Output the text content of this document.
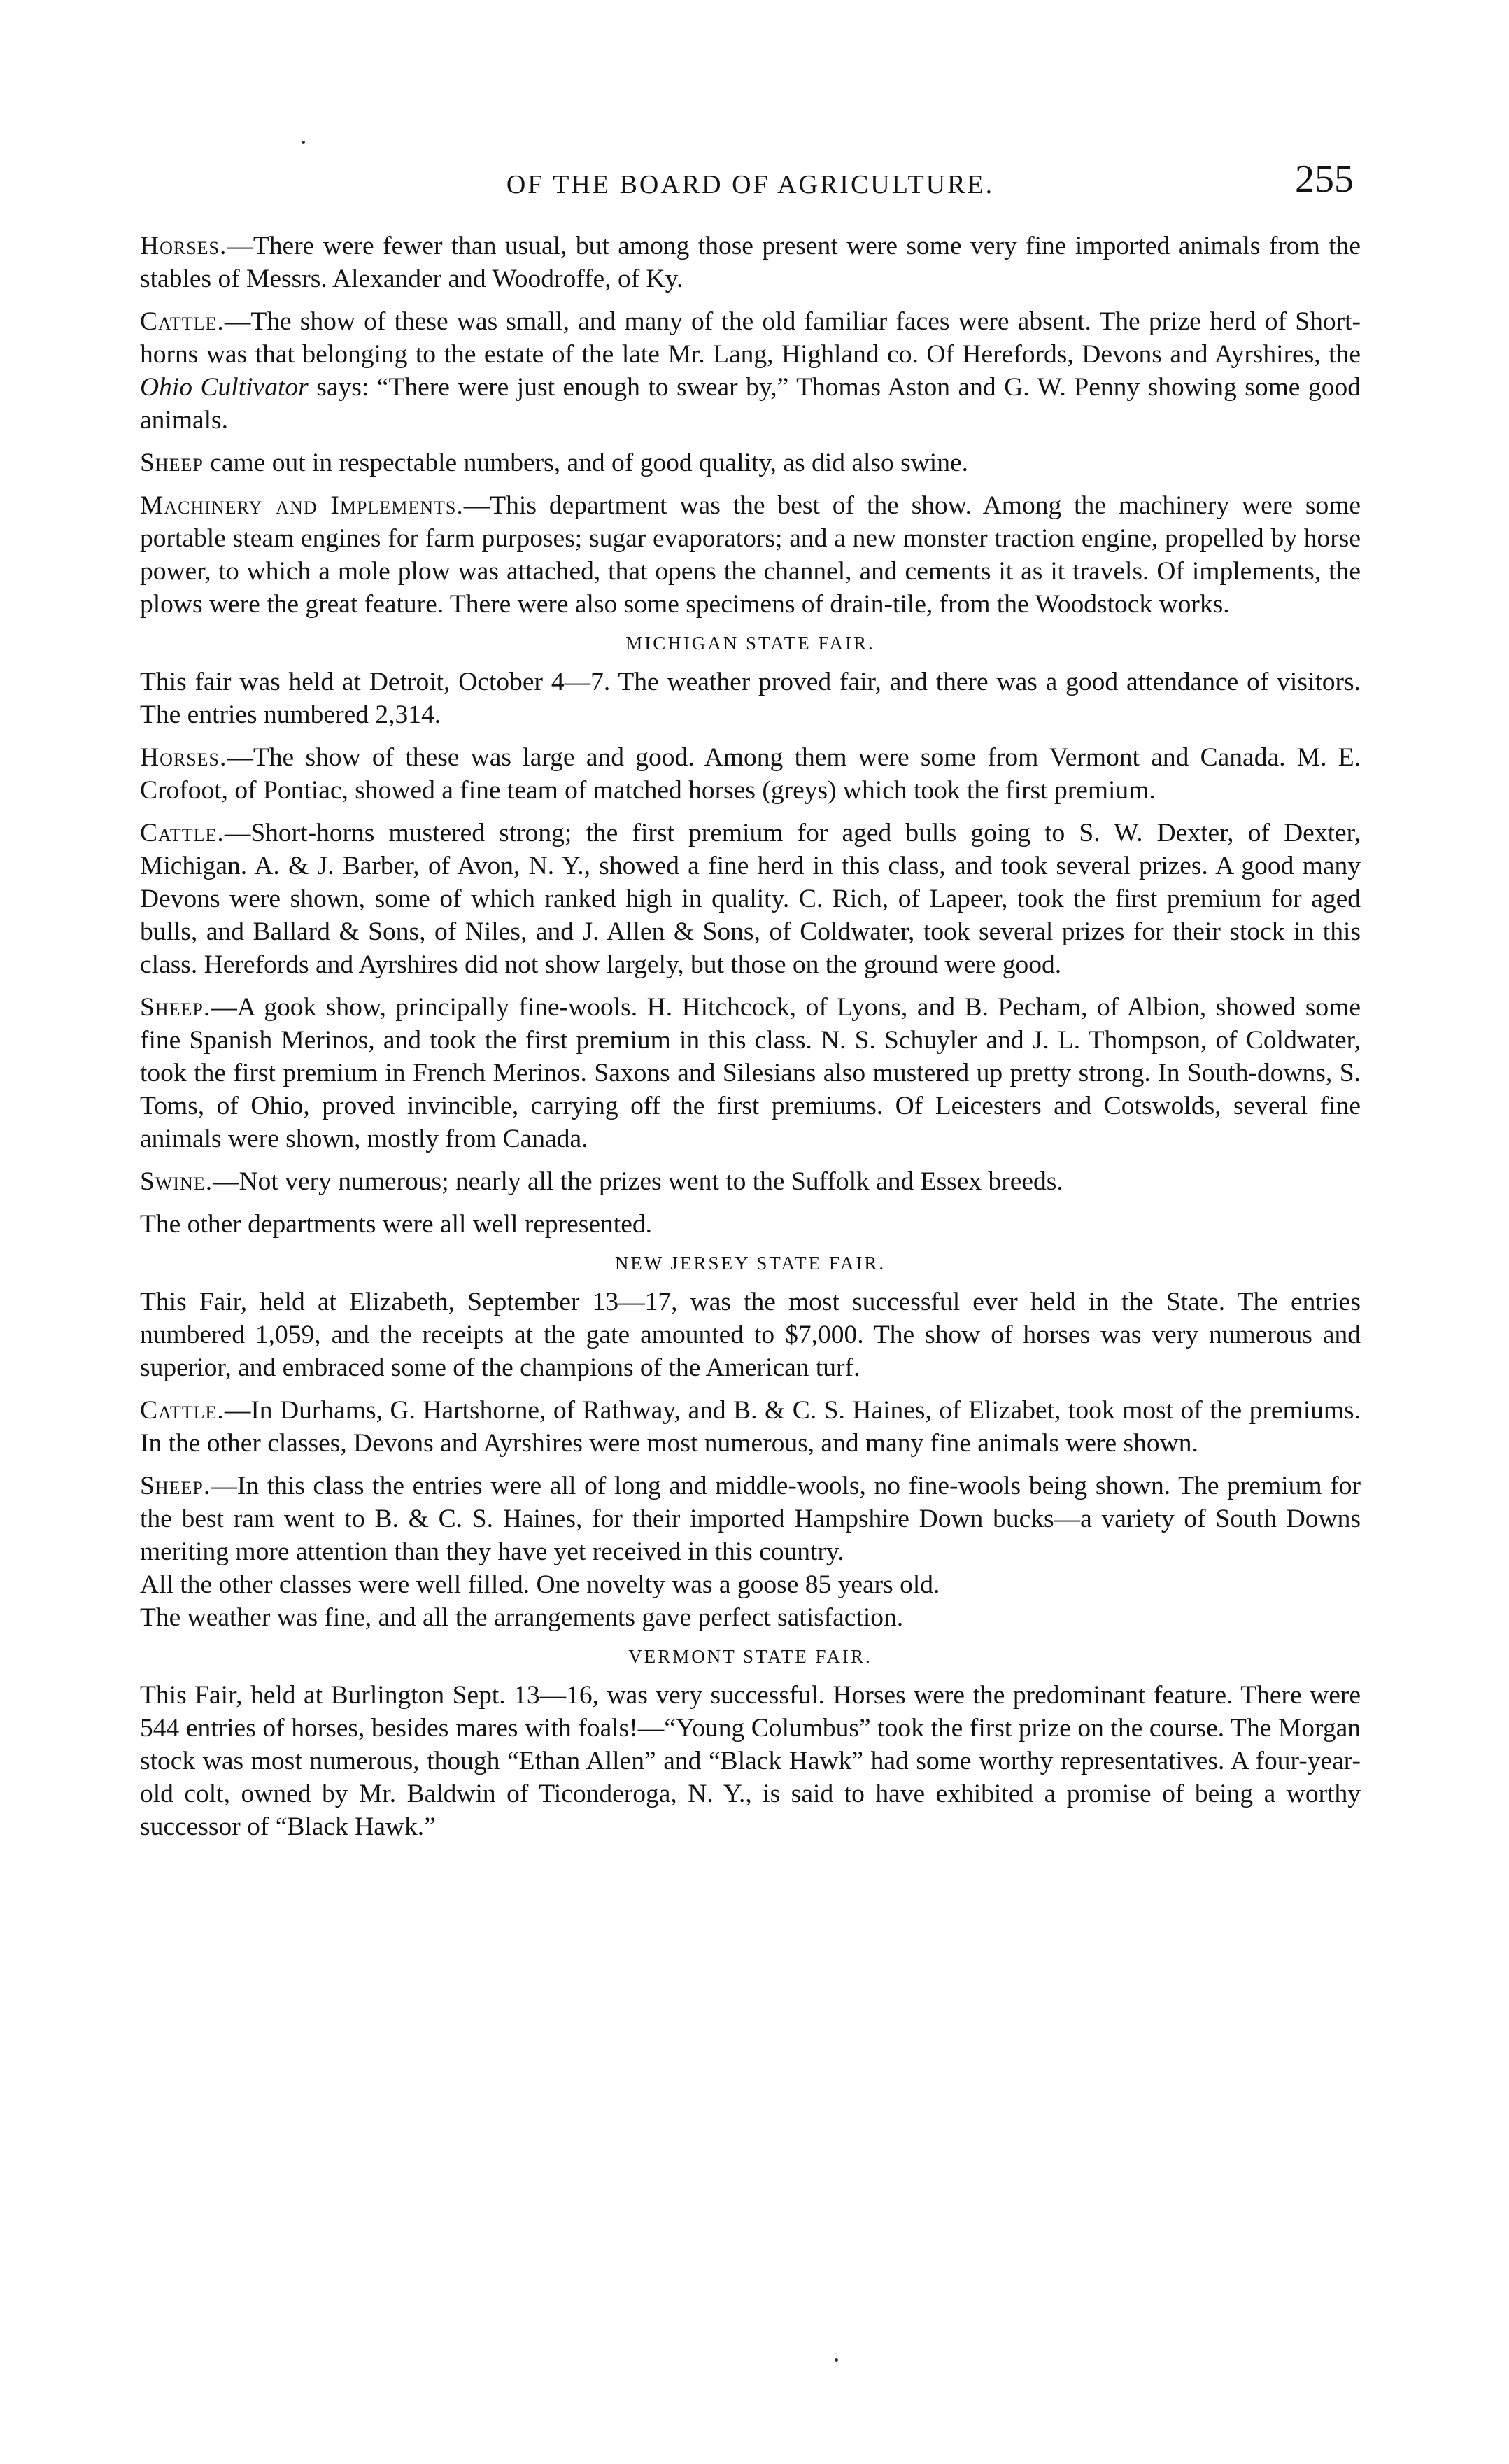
OF THE BOARD OF AGRICULTURE.	255

Horses.—There were fewer than usual, but among those present were some very fine imported animals from the stables of Messrs. Alexander and Woodroffe, of Ky.

Cattle.—The show of these was small, and many of the old familiar faces were absent. The prize herd of Short-horns was that belonging to the estate of the late Mr. Lang, Highland co. Of Herefords, Devons and Ayrshires, the Ohio Cultivator says: “There were just enough to swear by,” Thomas Aston and G. W. Penny showing some good animals.

Sheep came out in respectable numbers, and of good quality, as did also swine.

Machinery and Implements.—This department was the best of the show. Among the machinery were some portable steam engines for farm purposes; sugar evaporators; and a new monster traction engine, propelled by horse power, to which a mole plow was attached, that opens the channel, and cements it as it travels. Of implements, the plows were the great feature. There were also some specimens of drain-tile, from the Woodstock works.

MICHIGAN STATE FAIR.

This fair was held at Detroit, October 4—7. The weather proved fair, and there was a good attendance of visitors. The entries numbered 2,314.

Horses.—The show of these was large and good. Among them were some from Vermont and Canada. M. E. Crofoot, of Pontiac, showed a fine team of matched horses (greys) which took the first premium.

Cattle.—Short-horns mustered strong; the first premium for aged bulls going to S. W. Dexter, of Dexter, Michigan. A. & J. Barber, of Avon, N. Y., showed a fine herd in this class, and took several prizes. A good many Devons were shown, some of which ranked high in quality. C. Rich, of Lapeer, took the first premium for aged bulls, and Ballard & Sons, of Niles, and J. Allen & Sons, of Coldwater, took several prizes for their stock in this class. Herefords and Ayrshires did not show largely, but those on the ground were good.

Sheep.—A gook show, principally fine-wools. H. Hitchcock, of Lyons, and B. Pecham, of Albion, showed some fine Spanish Merinos, and took the first premium in this class. N. S. Schuyler and J. L. Thompson, of Coldwater, took the first premium in French Merinos. Saxons and Silesians also mustered up pretty strong. In South-downs, S. Toms, of Ohio, proved invincible, carrying off the first premiums. Of Leicesters and Cotswolds, several fine animals were shown, mostly from Canada.

Swine.—Not very numerous; nearly all the prizes went to the Suffolk and Essex breeds.

The other departments were all well represented.

NEW JERSEY STATE FAIR.

This Fair, held at Elizabeth, September 13—17, was the most successful ever held in the State. The entries numbered 1,059, and the receipts at the gate amounted to $7,000. The show of horses was very numerous and superior, and embraced some of the champions of the American turf.

Cattle.—In Durhams, G. Hartshorne, of Rathway, and B. & C. S. Haines, of Elizabet, took most of the premiums. In the other classes, Devons and Ayrshires were most numerous, and many fine animals were shown.

Sheep.—In this class the entries were all of long and middle-wools, no fine-wools being shown. The premium for the best ram went to B. & C. S. Haines, for their imported Hampshire Down bucks—a variety of South Downs meriting more attention than they have yet received in this country.

All the other classes were well filled. One novelty was a goose 85 years old.

The weather was fine, and all the arrangements gave perfect satisfaction.

VERMONT STATE FAIR.

This Fair, held at Burlington Sept. 13—16, was very successful. Horses were the predominant feature. There were 544 entries of horses, besides mares with foals!—“Young Columbus” took the first prize on the course. The Morgan stock was most numerous, though “Ethan Allen” and “Black Hawk” had some worthy representatives. A four-year-old colt, owned by Mr. Baldwin of Ticonderoga, N. Y., is said to have exhibited a promise of being a worthy successor of “Black Hawk.”
